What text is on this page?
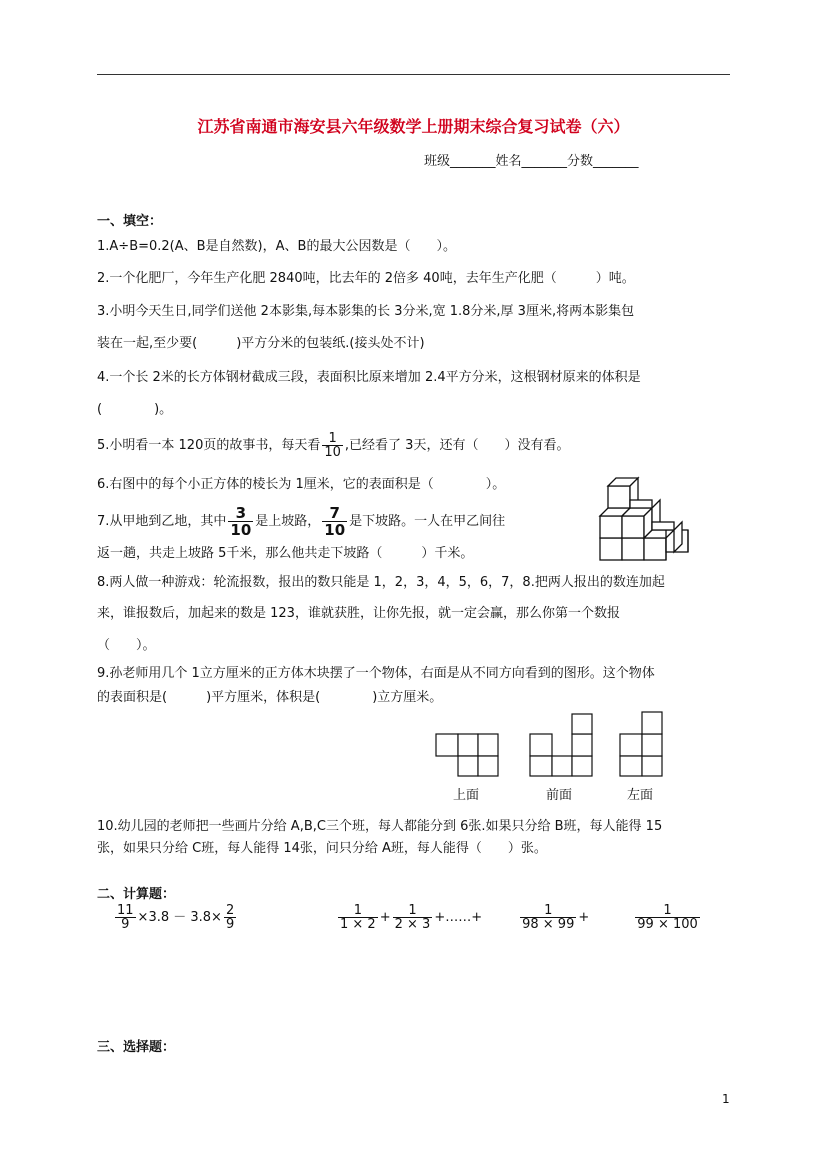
江苏省南通市海安县六年级数学上册期末综合复习试卷（六）
班级_______姓名_______分数_______
一、填空：
1.A÷B=0.2(A、B是自然数)，A、B的最大公因数是（　　）。
2.一个化肥厂，今年生产化肥 2840吨，比去年的 2倍多 40吨，去年生产化肥（　　　）吨。
3.小明今天生日,同学们送他 2本影集,每本影集的长 3分米,宽 1.8分米,厚 3厘米,将两本影集包
装在一起,至少要(　　　)平方分米的包装纸.(接头处不计)
4.一个长 2米的长方体钢材截成三段，表面积比原来增加 2.4平方分米，这根钢材原来的体积是
(　　　　)。
5.小明看一本 120页的故事书，每天看 $\frac{1}{10}$ ,已经看了 3天，还有（　　）没有看。
6.右图中的每个小正方体的棱长为 1厘米，它的表面积是（　　　　）。
7.从甲地到乙地，其中 $\frac{3}{10}$ 是上坡路， $\frac{7}{10}$ 是下坡路。一人在甲乙间往
返一趟，共走上坡路 5千米，那么他共走下坡路（　　　）千米。
8.两人做一种游戏：轮流报数，报出的数只能是 1，2，3，4，5，6，7，8.把两人报出的数连加起
来，谁报数后，加起来的数是 123，谁就获胜，让你先报，就一定会赢，那么你第一个数报
（　　）。
9.孙老师用几个 1立方厘米的正方体木块摆了一个物体，右面是从不同方向看到的图形。这个物体
的表面积是(　　　)平方厘米，体积是(　　　　)立方厘米。
上面	前面	左面
10.幼儿园的老师把一些画片分给 A,B,C三个班，每人都能分到 6张.如果只分给 B班，每人能得 15
张，如果只分给 C班，每人能得 14张，问只分给 A班，每人能得（　　）张。
二、计算题：
$\frac{11}{9} \times 3.8 - 3.8\times \frac{2}{9}$	$\frac{1}{1 \times 2} + \frac{1}{2 \times 3}$ +……+	$\frac{1}{98 \times 99}$ +	$\frac{1}{99 \times 100}$
三、选择题：
1
